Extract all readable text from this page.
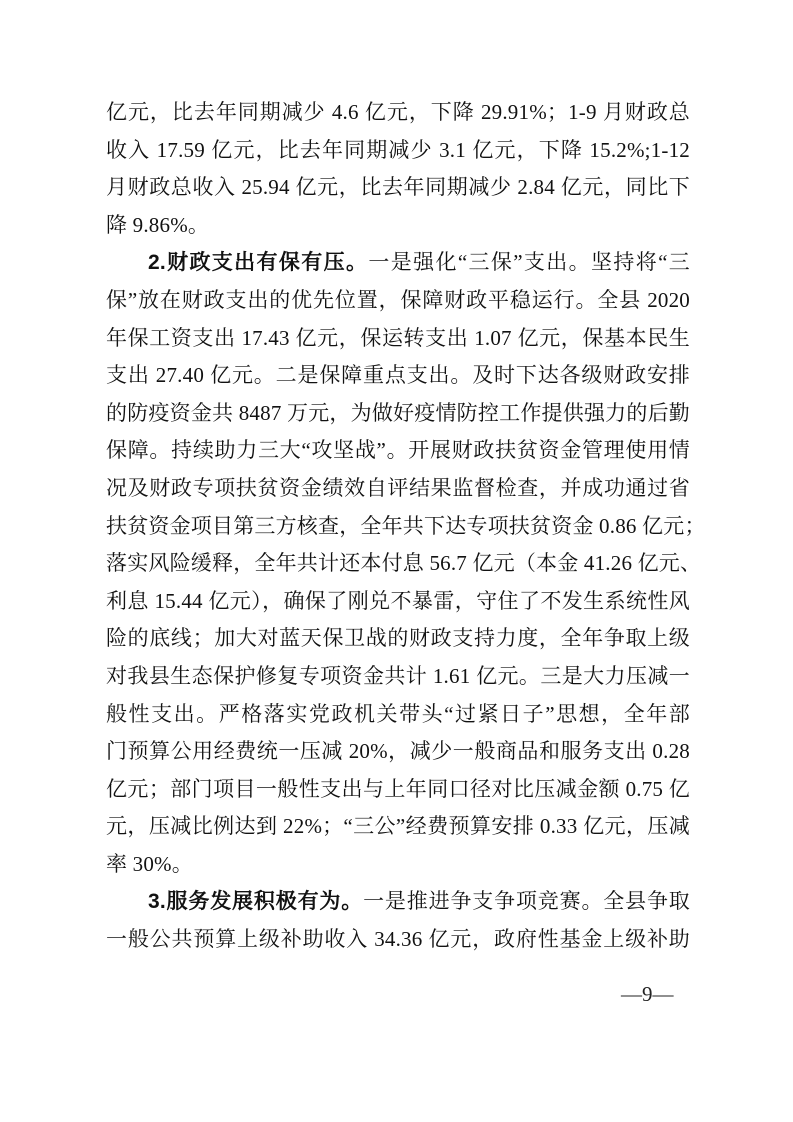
亿元，比去年同期减少 4.6 亿元，下降 29.91%；1-9 月财政总
收入 17.59 亿元，比去年同期减少 3.1 亿元，下降 15.2%;1-12
月财政总收入 25.94 亿元，比去年同期减少 2.84 亿元，同比下
降 9.86%。
2.财政支出有保有压。一是强化“三保”支出。坚持将“三
保”放在财政支出的优先位置，保障财政平稳运行。全县 2020
年保工资支出 17.43 亿元，保运转支出 1.07 亿元，保基本民生
支出 27.40 亿元。二是保障重点支出。及时下达各级财政安排
的防疫资金共 8487 万元，为做好疫情防控工作提供强力的后勤
保障。持续助力三大“攻坚战”。开展财政扶贫资金管理使用情
况及财政专项扶贫资金绩效自评结果监督检查，并成功通过省
扶贫资金项目第三方核查，全年共下达专项扶贫资金 0.86 亿元；
落实风险缓释，全年共计还本付息 56.7 亿元（本金 41.26 亿元、
利息 15.44 亿元），确保了刚兑不暴雷，守住了不发生系统性风
险的底线；加大对蓝天保卫战的财政支持力度，全年争取上级
对我县生态保护修复专项资金共计 1.61 亿元。三是大力压减一
般性支出。严格落实党政机关带头“过紧日子”思想，全年部
门预算公用经费统一压减 20%，减少一般商品和服务支出 0.28
亿元；部门项目一般性支出与上年同口径对比压减金额 0.75 亿
元，压减比例达到 22%；“三公”经费预算安排 0.33 亿元，压减
率 30%。
3.服务发展积极有为。一是推进争支争项竞赛。全县争取
一般公共预算上级补助收入 34.36 亿元，政府性基金上级补助
—9—
